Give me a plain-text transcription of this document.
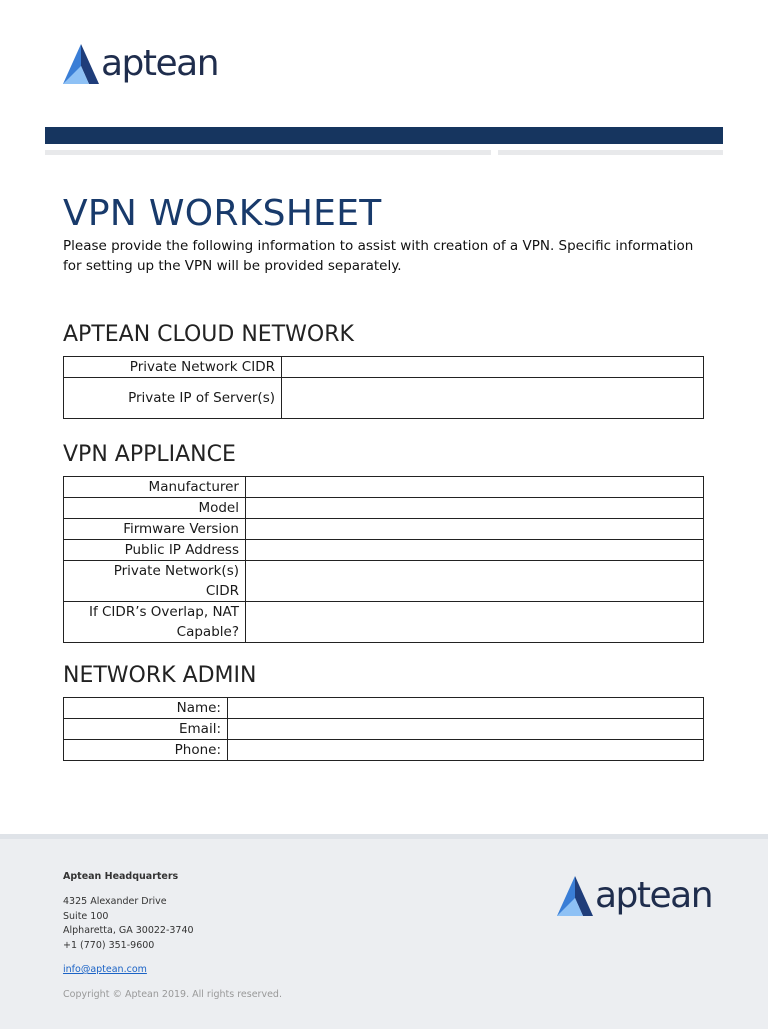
aptean
VPN WORKSHEET

Please provide the following information to assist with creation of a VPN. Specific information for setting up the VPN will be provided separately.

APTEAN CLOUD NETWORK
Private Network CIDR	
Private IP of Server(s)	
VPN APPLIANCE
Manufacturer	
Model	
Firmware Version	
Public IP Address	
Private Network(s) CIDR	
If CIDR’s Overlap, NAT Capable?	
NETWORK ADMIN
Name:	
Email:	
Phone:	
Aptean Headquarters
4325 Alexander Drive
Suite 100
Alpharetta, GA 30022-3740
+1 (770) 351-9600
info@aptean.com
Copyright © Aptean 2019. All rights reserved.
aptean
